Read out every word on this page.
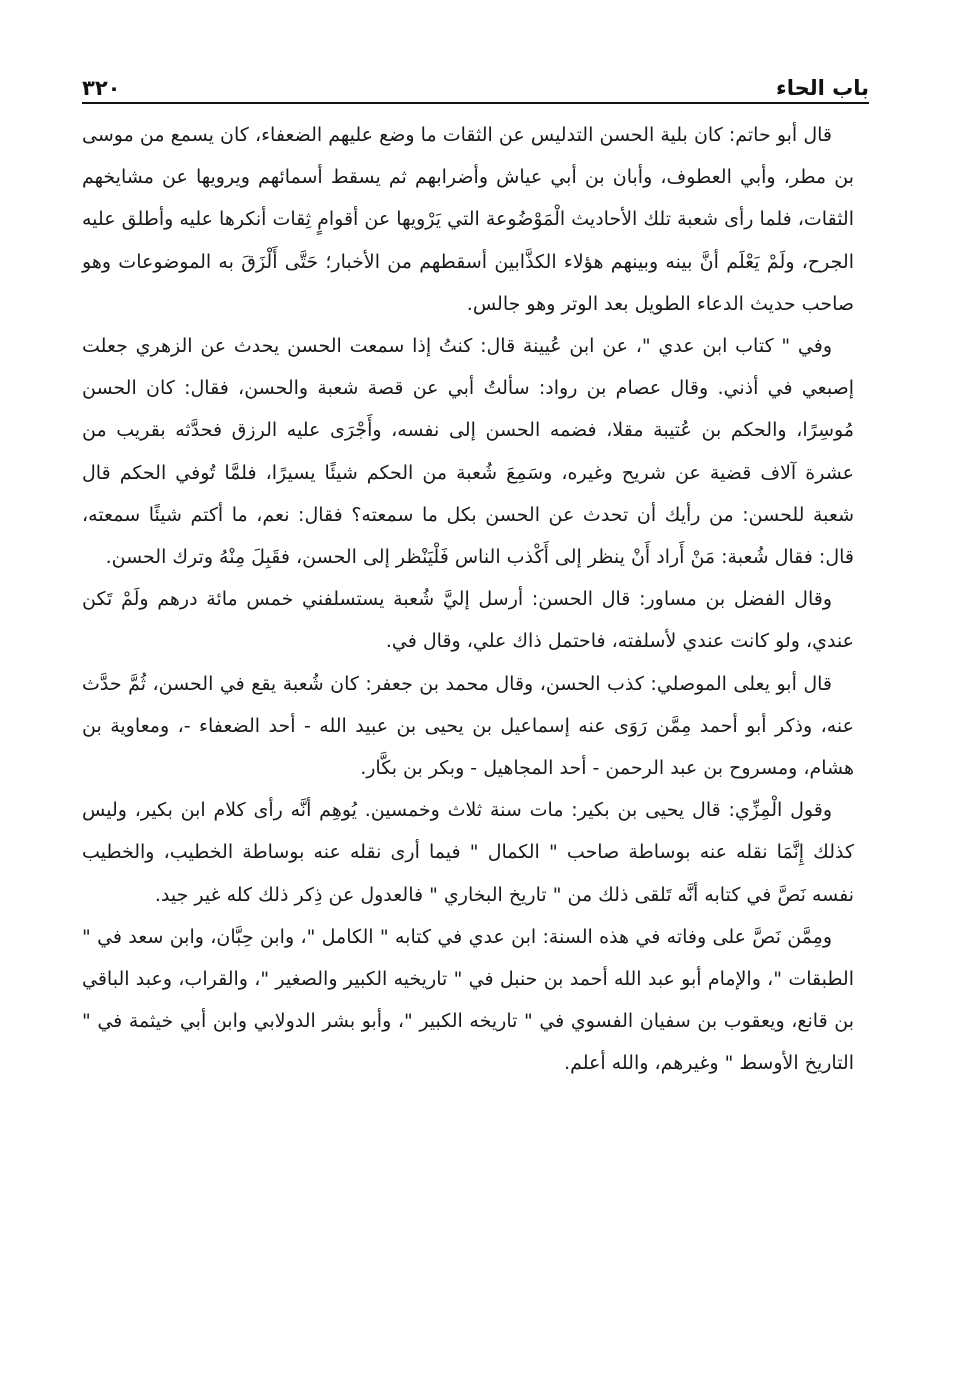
باب الحاء
٣٢٠

قال أبو حاتم: كان بلية الحسن التدليس عن الثقات ما وضع عليهم الضعفاء، كان يسمع من موسى بن مطر، وأبي العطوف، وأبان بن أبي عياش وأضرابهم ثم يسقط أسمائهم ويرويها عن مشايخهم الثقات، فلما رأى شعبة تلك الأحاديث الْمَوْضُوعة التي يَرْويها عن أقوامٍ ثِقات أنكرها عليه وأطلق عليه الجرح، ولَمْ يَعْلَم أنَّ بينه وبينهم هؤلاء الكذَّابين أسقطهم من الأخبار؛ حَتَّى أَلْزَقَ به الموضوعات وهو صاحب حديث الدعاء الطويل بعد الوتر وهو جالس.

وفي " كتاب ابن عدي "، عن ابن عُيينة قال: كنتُ إذا سمعت الحسن يحدث عن الزهري جعلت إصبعي في أذني. وقال عصام بن رواد: سألتُ أبي عن قصة شعبة والحسن، فقال: كان الحسن مُوسِرًا، والحكم بن عُتيبة مقلا، فضمه الحسن إلى نفسه، وأَجْرَى عليه الرزق فحدَّثه بقريب من عشرة آلاف قضية عن شريح وغيره، وسَمِعَ شُعبة من الحكم شيئًا يسيرًا، فلمَّا تُوفي الحكم قال شعبة للحسن: من رأيك أن تحدث عن الحسن بكل ما سمعته؟ فقال: نعم، ما أكتم شيئًا سمعته، قال: فقال شُعبة: مَنْ أَراد أَنْ ينظر إلى أَكْذب الناس فَلْيَنْظر إلى الحسن، فقَبِلَ مِنْهُ وترك الحسن.

وقال الفضل بن مساور: قال الحسن: أرسل إليَّ شُعبة يستسلفني خمس مائة درهم ولَمْ تَكن عندي، ولو كانت عندي لأسلفته، فاحتمل ذاك علي، وقال في.

قال أبو يعلى الموصلي: كذب الحسن، وقال محمد بن جعفر: كان شُعبة يقع في الحسن، ثُمَّ حدَّث عنه، وذكر أبو أحمد مِمَّن رَوَى عنه إسماعيل بن يحيى بن عبيد الله - أحد الضعفاء -، ومعاوية بن هشام، ومسروح بن عبد الرحمن - أحد المجاهيل - وبكر بن بكَّار.

وقول الْمِزِّي: قال يحيى بن بكير: مات سنة ثلاث وخمسين. يُوهِم أنَّه رأى كلام ابن بكير، وليس كذلك إِنَّمَا نقله عنه بوساطة صاحب " الكمال " فيما أرى نقله عنه بوساطة الخطيب، والخطيب نفسه نَصَّ في كتابه أنَّه تَلقى ذلك من " تاريخ البخاري " فالعدول عن ذِكر ذلك كله غير جيد.

ومِمَّن نَصَّ على وفاته في هذه السنة: ابن عدي في كتابه " الكامل "، وابن حِبَّان، وابن سعد في " الطبقات "، والإمام أبو عبد الله أحمد بن حنبل في " تاريخيه الكبير والصغير "، والقراب، وعبد الباقي بن قانع، ويعقوب بن سفيان الفسوي في " تاريخه الكبير "، وأبو بشر الدولابي وابن أبي خيثمة في " التاريخ الأوسط " وغيرهم، والله أعلم.
